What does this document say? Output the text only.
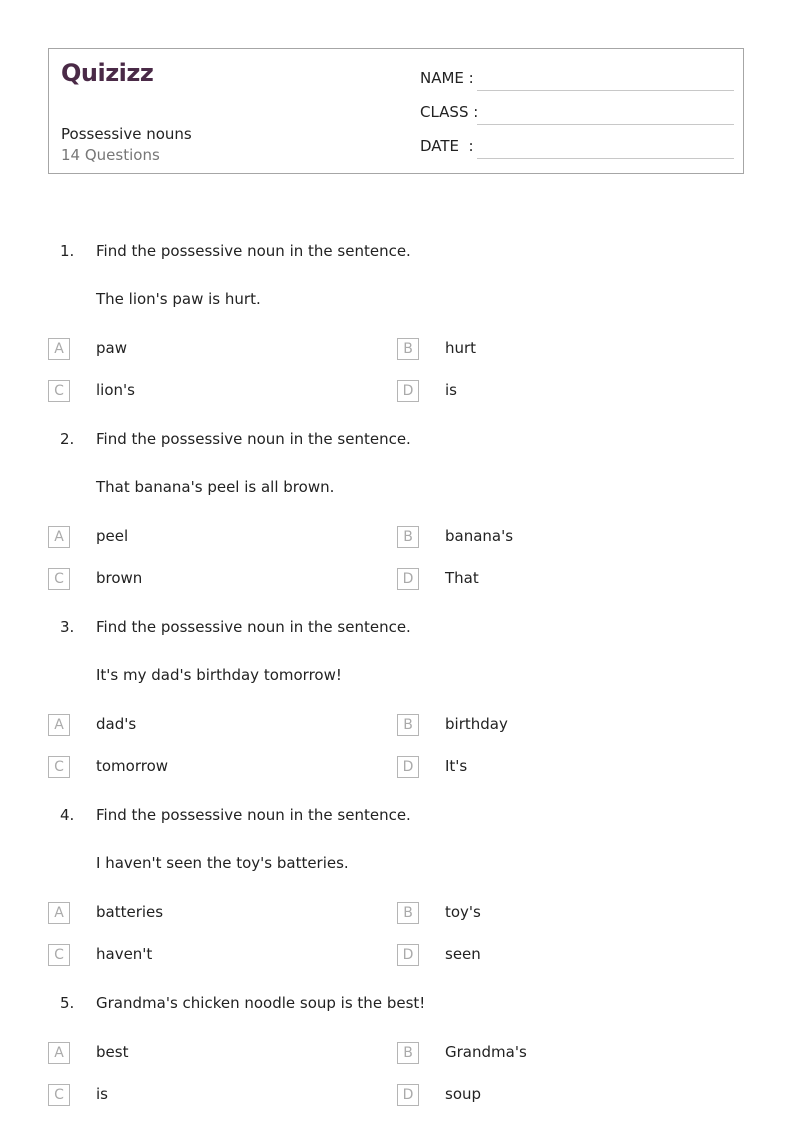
Quizizz
Possessive nouns
14 Questions
NAME :
CLASS :
DATE  :
1. Find the possessive noun in the sentence.
The lion's paw is hurt.
A	paw	B	hurt
C	lion's	D	is
2. Find the possessive noun in the sentence.
That banana's peel is all brown.
A	peel	B	banana's
C	brown	D	That
3. Find the possessive noun in the sentence.
It's my dad's birthday tomorrow!
A	dad's	B	birthday
C	tomorrow	D	It's
4. Find the possessive noun in the sentence.
I haven't seen the toy's batteries.
A	batteries	B	toy's
C	haven't	D	seen
5. Grandma's chicken noodle soup is the best!
A	best	B	Grandma's
C	is	D	soup
